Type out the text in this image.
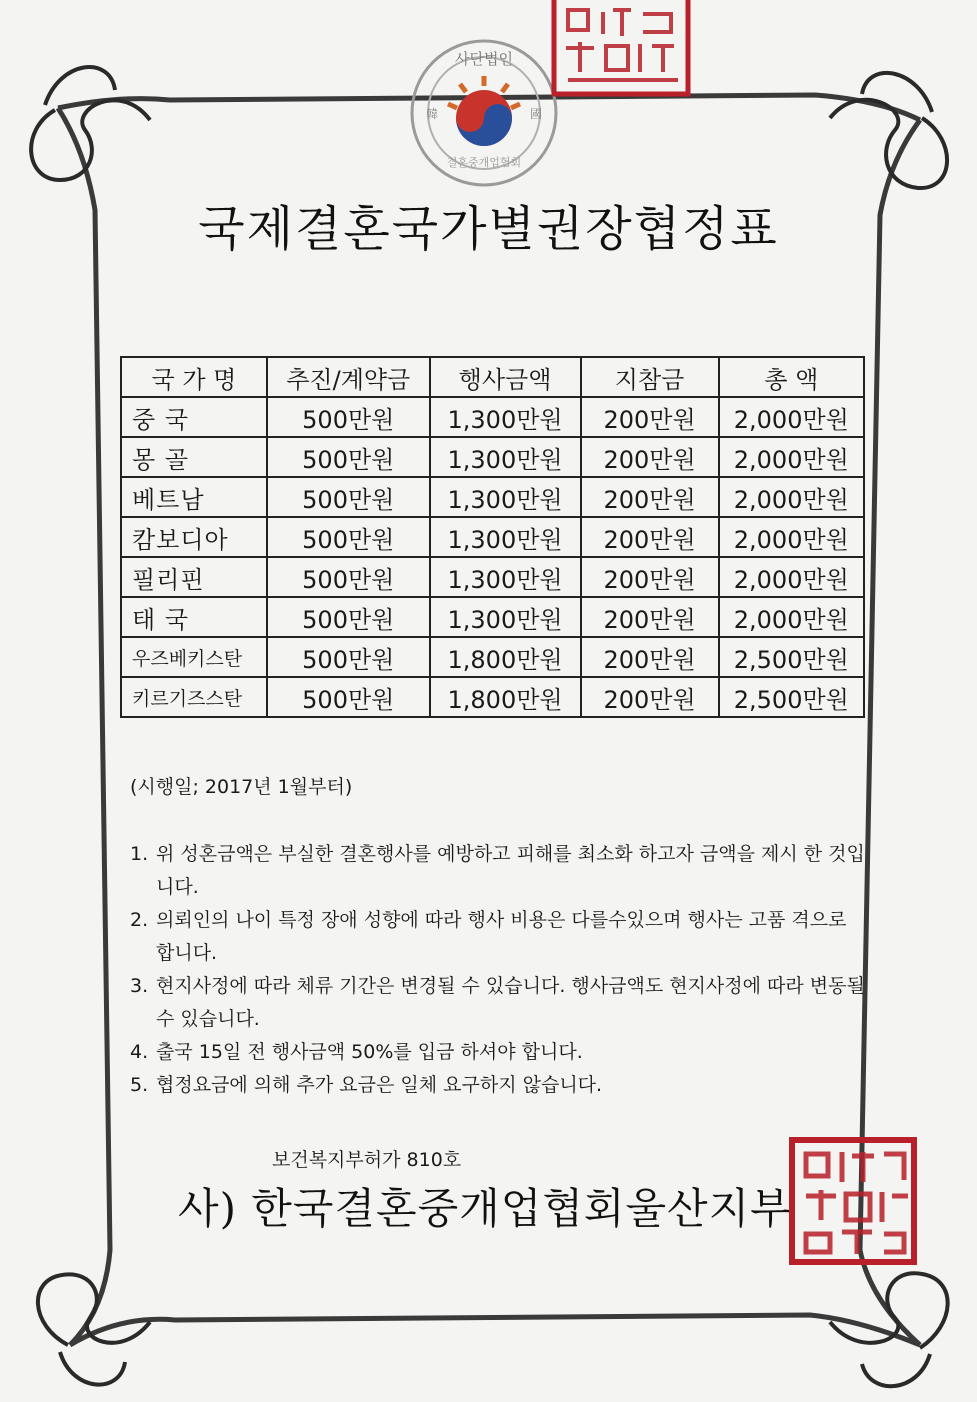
사단법인
韓	國
결혼중개업협회
국제결혼국가별권장협정표
국 가 명	추진/계약금	행사금액	지참금	총 액
중 국	500만원	1,300만원	200만원	2,000만원
몽 골	500만원	1,300만원	200만원	2,000만원
베트남	500만원	1,300만원	200만원	2,000만원
캄보디아	500만원	1,300만원	200만원	2,000만원
필리핀	500만원	1,300만원	200만원	2,000만원
태 국	500만원	1,300만원	200만원	2,000만원
우즈베키스탄	500만원	1,800만원	200만원	2,500만원
키르기즈스탄	500만원	1,800만원	200만원	2,500만원
(시행일; 2017년 1월부터)
1. 위 성혼금액은 부실한 결혼행사를 예방하고 피해를 최소화 하고자 금액을 제시 한 것입니다.
2. 의뢰인의 나이 특정 장애 성향에 따라 행사 비용은 다를수있으며 행사는 고품 격으로 합니다.
3. 현지사정에 따라 체류 기간은 변경될 수 있습니다. 행사금액도 현지사정에 따라 변동될 수 있습니다.
4. 출국 15일 전 행사금액 50%를 입금 하셔야 합니다.
5. 협정요금에 의해 추가 요금은 일체 요구하지 않습니다.
보건복지부허가 810호
사) 한국결혼중개업협회울산지부
